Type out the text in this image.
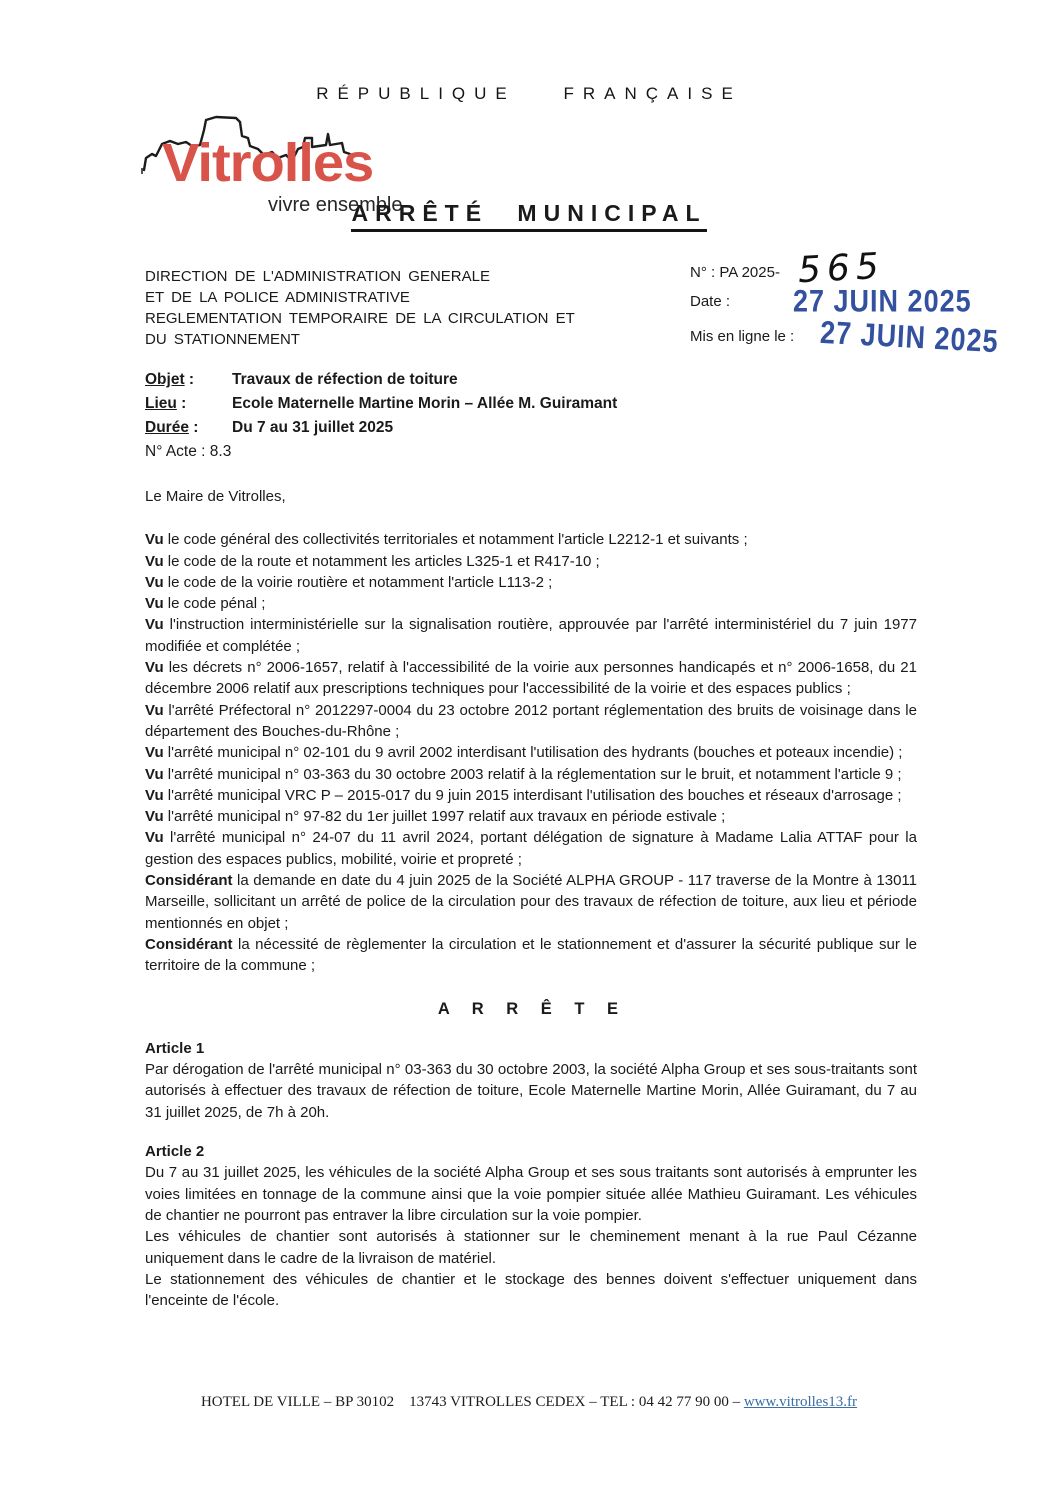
RÉPUBLIQUE FRANÇAISE
Vitrolles
vivre ensemble
ARRÊTÉ MUNICIPAL
DIRECTION DE L'ADMINISTRATION GENERALE
ET DE LA POLICE ADMINISTRATIVE
REGLEMENTATION TEMPORAIRE DE LA CIRCULATION ET
DU STATIONNEMENT
N° : PA 2025- 565
Date : 27 JUIN 2025
Mis en ligne le : 27 JUIN 2025
Objet : Travaux de réfection de toiture
Lieu :	Ecole Maternelle Martine Morin – Allée M. Guiramant
Durée : Du 7 au 31 juillet 2025
N° Acte : 8.3

Le Maire de Vitrolles,

Vu le code général des collectivités territoriales et notamment l'article L2212-1 et suivants ;

Vu le code de la route et notamment les articles L325-1 et R417-10 ;

Vu le code de la voirie routière et notamment l'article L113-2 ;

Vu le code pénal ;

Vu l'instruction interministérielle sur la signalisation routière, approuvée par l'arrêté interministériel du 7 juin 1977 modifiée et complétée ;

Vu les décrets n° 2006-1657, relatif à l'accessibilité de la voirie aux personnes handicapés et n° 2006-1658, du 21 décembre 2006 relatif aux prescriptions techniques pour l'accessibilité de la voirie et des espaces publics ;

Vu l'arrêté Préfectoral n° 2012297-0004 du 23 octobre 2012 portant réglementation des bruits de voisinage dans le département des Bouches-du-Rhône ;

Vu l'arrêté municipal n° 02-101 du 9 avril 2002 interdisant l'utilisation des hydrants (bouches et poteaux incendie) ;

Vu l'arrêté municipal n° 03-363 du 30 octobre 2003 relatif à la réglementation sur le bruit, et notamment l'article 9 ;

Vu l'arrêté municipal VRC P – 2015-017 du 9 juin 2015 interdisant l'utilisation des bouches et réseaux d'arrosage ;

Vu l'arrêté municipal n° 97-82 du 1er juillet 1997 relatif aux travaux en période estivale ;

Vu l'arrêté municipal n° 24-07 du 11 avril 2024, portant délégation de signature à Madame Lalia ATTAF pour la gestion des espaces publics, mobilité, voirie et propreté ;

Considérant la demande en date du 4 juin 2025 de la Société ALPHA GROUP - 117 traverse de la Montre à 13011 Marseille, sollicitant un arrêté de police de la circulation pour des travaux de réfection de toiture, aux lieu et période mentionnés en objet ;

Considérant la nécessité de règlementer la circulation et le stationnement et d'assurer la sécurité publique sur le territoire de la commune ;

A R R Ê T E

Article 1

Par dérogation de l'arrêté municipal n° 03-363 du 30 octobre 2003, la société Alpha Group et ses sous-traitants sont autorisés à effectuer des travaux de réfection de toiture, Ecole Maternelle Martine Morin, Allée Guiramant, du 7 au 31 juillet 2025, de 7h à 20h.

Article 2

Du 7 au 31 juillet 2025, les véhicules de la société Alpha Group et ses sous traitants sont autorisés à emprunter les voies limitées en tonnage de la commune ainsi que la voie pompier située allée Mathieu Guiramant. Les véhicules de chantier ne pourront pas entraver la libre circulation sur la voie pompier.

Les véhicules de chantier sont autorisés à stationner sur le cheminement menant à la rue Paul Cézanne uniquement dans le cadre de la livraison de matériel.

Le stationnement des véhicules de chantier et le stockage des bennes doivent s'effectuer uniquement dans l'enceinte de l'école.

HOTEL DE VILLE – BP 30102    13743 VITROLLES CEDEX – TEL : 04 42 77 90 00 – www.vitrolles13.fr
